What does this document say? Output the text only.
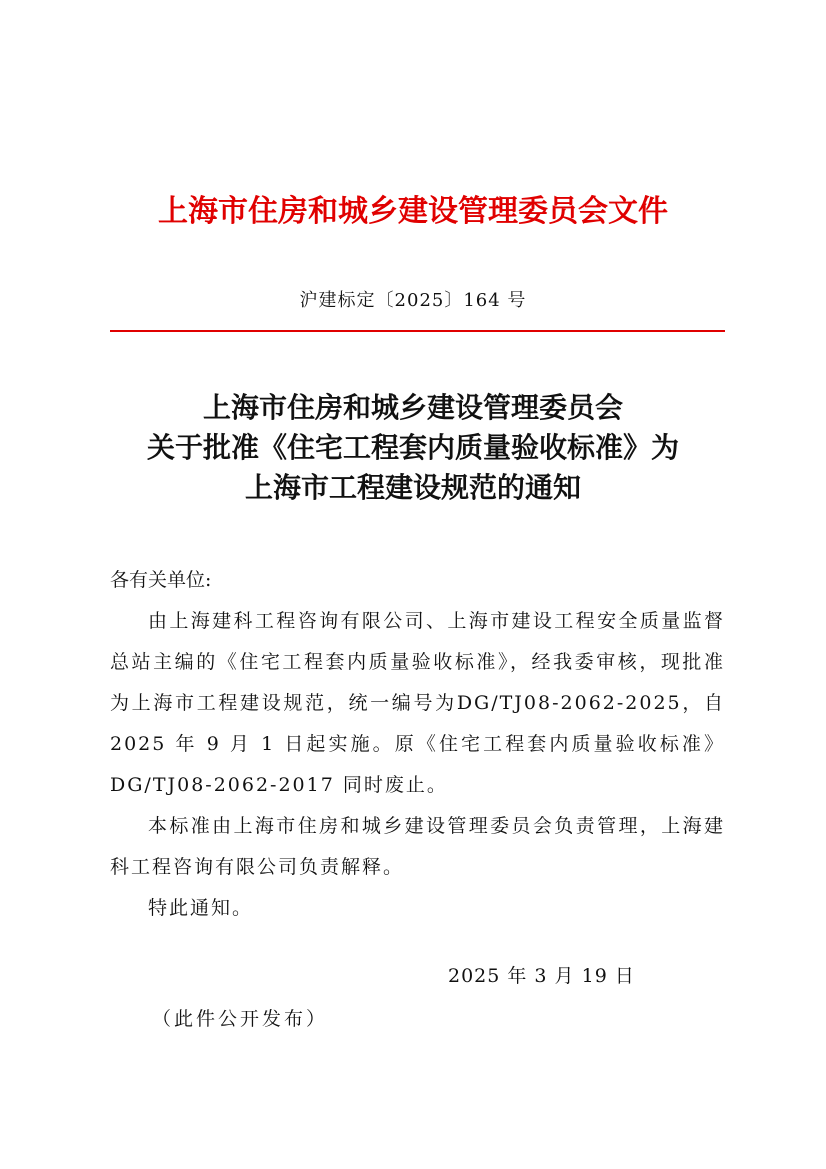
上海市住房和城乡建设管理委员会文件
沪建标定〔2025〕164 号
上海市住房和城乡建设管理委员会
关于批准《住宅工程套内质量验收标准》为
上海市工程建设规范的通知

各有关单位:

由上海建科工程咨询有限公司、上海市建设工程安全质量监督总站主编的《住宅工程套内质量验收标准》，经我委审核，现批准为上海市工程建设规范，统一编号为DG/TJ08-2062-2025，自 2025 年 9 月 1 日起实施。原《住宅工程套内质量验收标准》DG/TJ08-2062-2017 同时废止。

本标准由上海市住房和城乡建设管理委员会负责管理，上海建科工程咨询有限公司负责解释。

特此通知。

2025 年 3 月 19 日
（此件公开发布）
